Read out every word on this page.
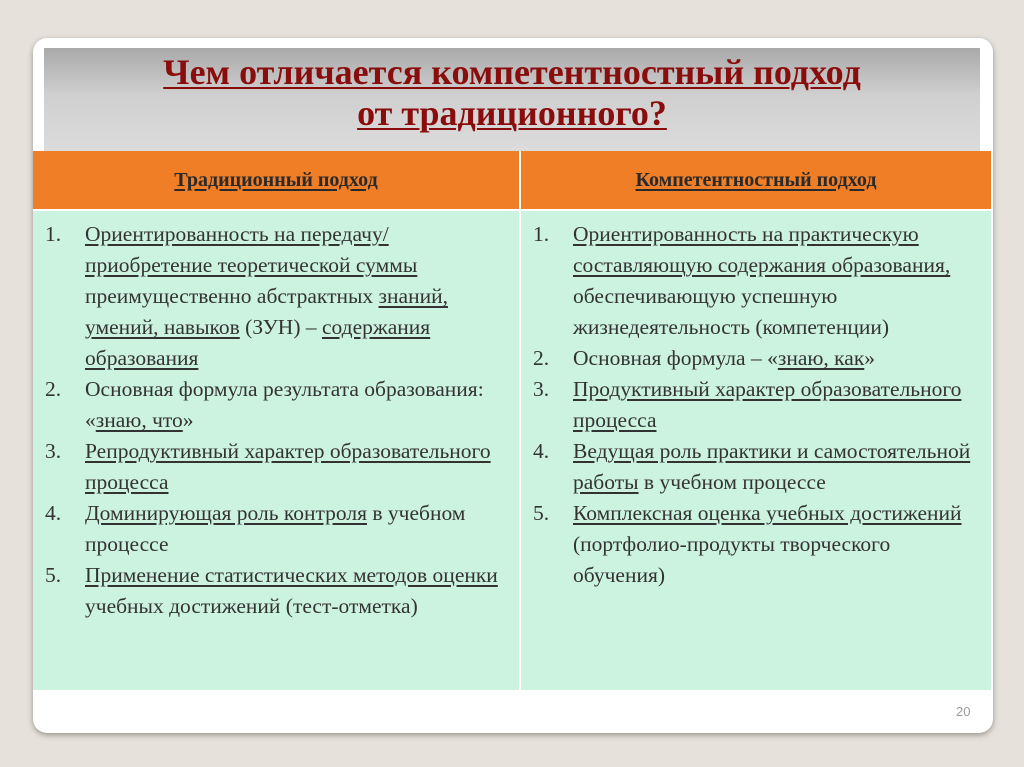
Чем отличается компетентностный подход
от традиционного?
Традиционный подход	Компетентностный подход
1.	Ориентированность на передачу/приобретение теоретической суммы преимущественно абстрактных знаний, умений, навыков (ЗУН) – содержания образования
2.	Основная формула результата образования: «знаю, что»
3.	Репродуктивный характер образовательного процесса
4.	Доминирующая роль контроля в учебном процессе
5.	Применение статистических методов оценки учебных достижений (тест-отметка)
1.	Ориентированность на практическую составляющую содержания образования, обеспечивающую успешную жизнедеятельность (компетенции)
2.	Основная формула – «знаю, как»
3.	Продуктивный характер образовательного процесса
4.	Ведущая роль практики и самостоятельной работы в учебном процессе
5.	Комплексная оценка учебных достижений (портфолио-продукты творческого обучения)
20
